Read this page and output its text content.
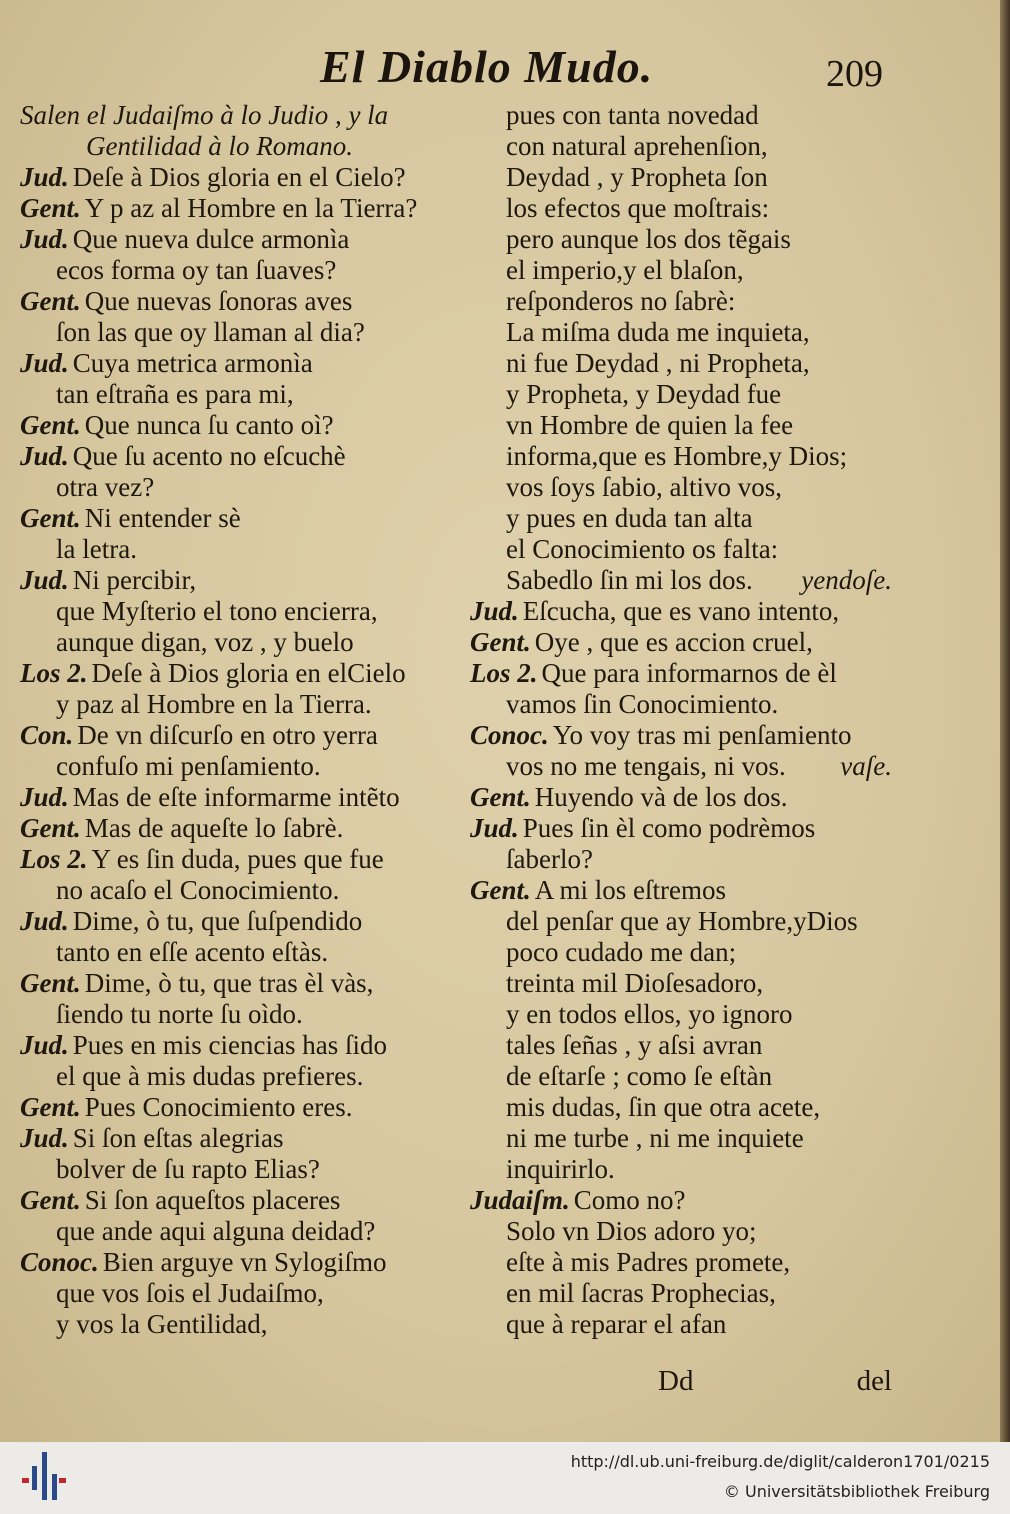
El Diablo Mudo.	209
Salen el Judaiſmo à lo Judio , y la
Gentilidad à lo Romano.
Jud. Deſe à Dios gloria en el Cielo?
Gent. Y p az al Hombre en la Tierra?
Jud. Que nueva dulce armonìa
ecos forma oy tan ſuaves?
Gent. Que nuevas ſonoras aves
ſon las que oy llaman al dia?
Jud. Cuya metrica armonìa
tan eſtraña es para mi,
Gent. Que nunca ſu canto oì?
Jud. Que ſu acento no eſcuchè
otra vez?
Gent. Ni entender sè
la letra.
Jud. Ni percibir,
que Myſterio el tono encierra,
aunque digan, voz , y buelo
Los 2. Deſe à Dios gloria en elCielo
y paz al Hombre en la Tierra.
Con. De vn diſcurſo en otro yerra
confuſo mi penſamiento.
Jud. Mas de eſte informarme intẽto
Gent. Mas de aqueſte lo ſabrè.
Los 2. Y es ſin duda, pues que fue
no acaſo el Conocimiento.
Jud. Dime, ò tu, que ſuſpendido
tanto en eſſe acento eſtàs.
Gent. Dime, ò tu, que tras èl vàs,
ſiendo tu norte ſu oìdo.
Jud. Pues en mis ciencias has ſido
el que à mis dudas prefieres.
Gent. Pues Conocimiento eres.
Jud. Si ſon eſtas alegrias
bolver de ſu rapto Elias?
Gent. Si ſon aqueſtos placeres
que ande aqui alguna deidad?
Conoc. Bien arguye vn Sylogiſmo
que vos ſois el Judaiſmo,
y vos la Gentilidad,
pues con tanta novedad
con natural aprehenſion,
Deydad , y Propheta ſon
los efectos que moſtrais:
pero aunque los dos tẽgais
el imperio,y el blaſon,
reſponderos no ſabrè:
La miſma duda me inquieta,
ni fue Deydad , ni Propheta,
y Propheta, y Deydad fue
vn Hombre de quien la fee
informa,que es Hombre,y Dios;
vos ſoys ſabio, altivo vos,
y pues en duda tan alta
el Conocimiento os falta:
Sabedlo ſin mi los dos. yendoſe.
Jud. Eſcucha, que es vano intento,
Gent. Oye , que es accion cruel,
Los 2. Que para informarnos de èl
vamos ſin Conocimiento.
Conoc. Yo voy tras mi penſamiento
vos no me tengais, ni vos. vaſe.
Gent. Huyendo và de los dos.
Jud. Pues ſin èl como podrèmos
ſaberlo?
Gent. A mi los eſtremos
del penſar que ay Hombre,yDios
poco cudado me dan;
treinta mil Dioſesadoro,
y en todos ellos, yo ignoro
tales ſeñas , y aſsi avran
de eſtarſe ; como ſe eſtàn
mis dudas, ſin que otra acete,
ni me turbe , ni me inquiete
inquirirlo.
Judaiſm. Como no?
Solo vn Dios adoro yo;
eſte à mis Padres promete,
en mil ſacras Prophecias,
que à reparar el afan
Dd	del
http://dl.ub.uni-freiburg.de/diglit/calderon1701/0215
© Universitätsbibliothek Freiburg
